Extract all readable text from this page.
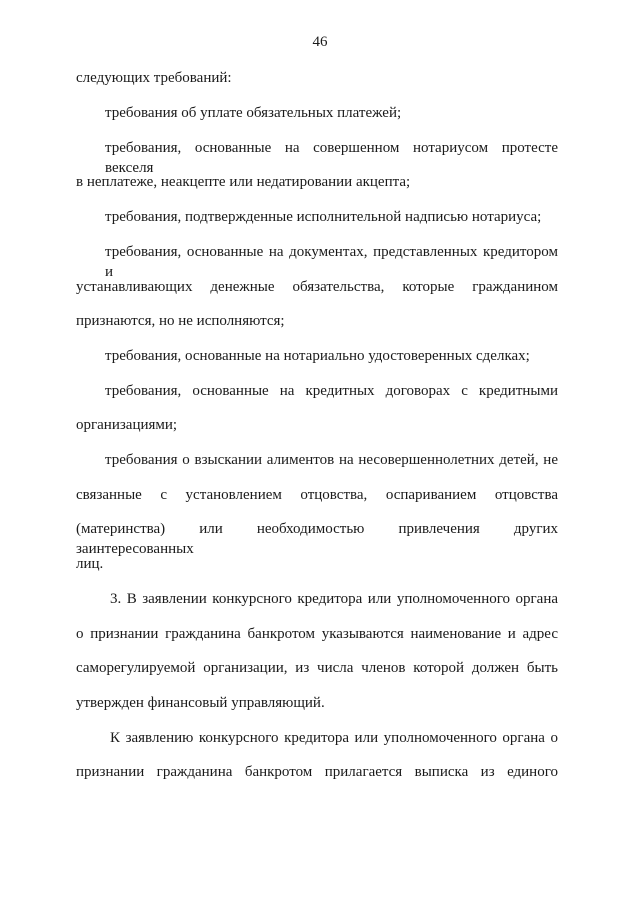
46
следующих требований:
требования об уплате обязательных платежей;
требования, основанные на совершенном нотариусом протесте векселя
в неплатеже, неакцепте или недатировании акцепта;
требования, подтвержденные исполнительной надписью нотариуса;
требования, основанные на документах, представленных кредитором и
устанавливающих денежные обязательства, которые гражданином
признаются, но не исполняются;
требования, основанные на нотариально удостоверенных сделках;
требования, основанные на кредитных договорах с кредитными
организациями;
требования о взыскании алиментов на несовершеннолетних детей, не
связанные с установлением отцовства, оспариванием отцовства
(материнства) или необходимостью привлечения других заинтересованных
лиц.
3. В заявлении конкурсного кредитора или уполномоченного органа
о признании гражданина банкротом указываются наименование и адрес
саморегулируемой организации, из числа членов которой должен быть
утвержден финансовый управляющий.
К заявлению конкурсного кредитора или уполномоченного органа о
признании гражданина банкротом прилагается выписка из единого
